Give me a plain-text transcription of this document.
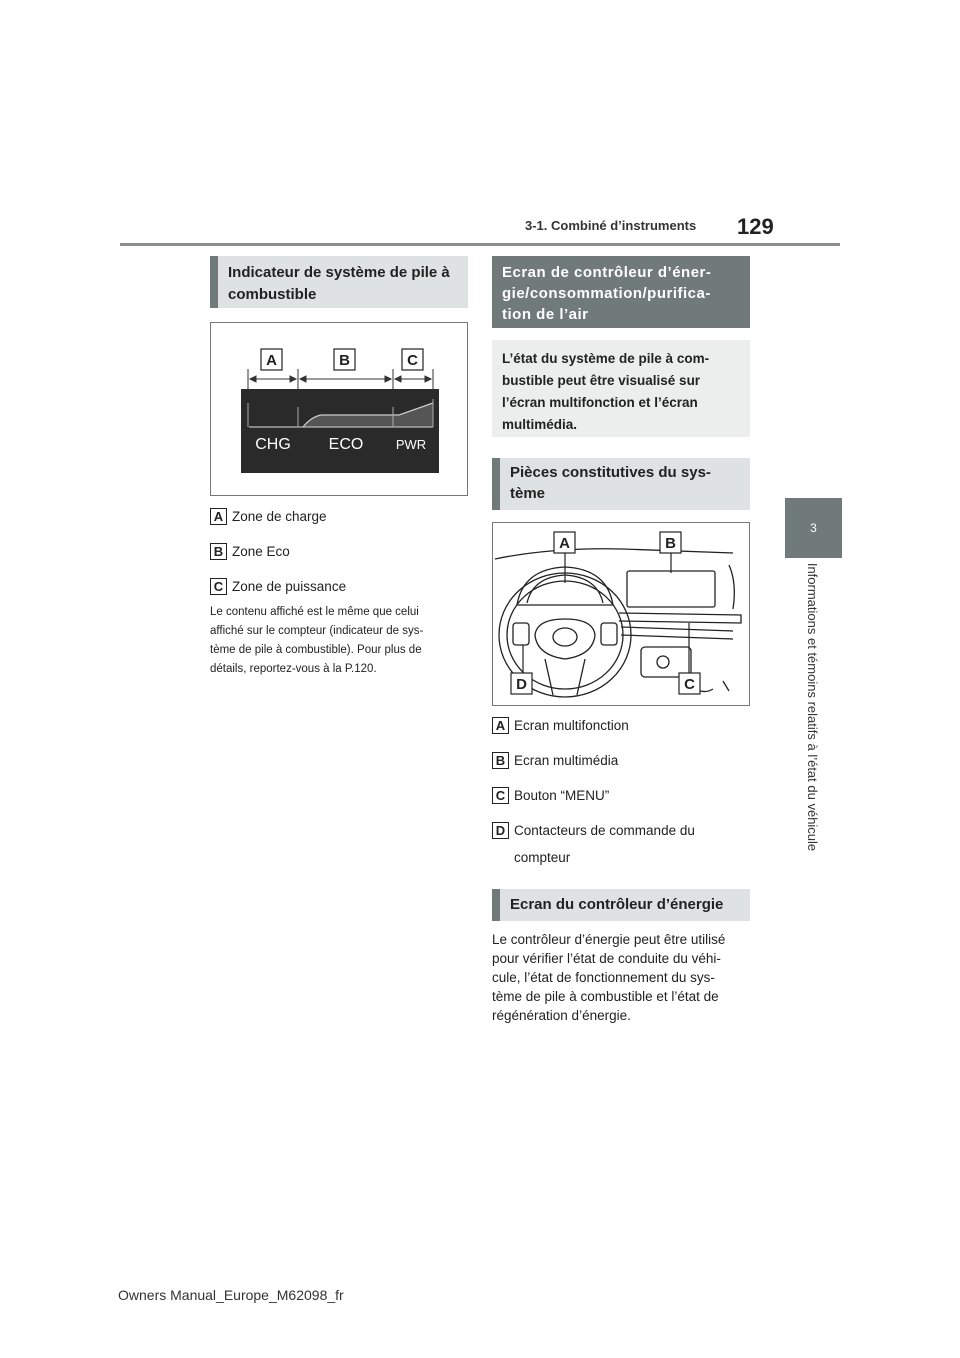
3-1. Combiné d’instruments 129
3
Informations et témoins relatifs à l’état du véhicule
Indicateur de système de pile à combustible
A	B	C
CHG ECO PWR
A Zone de charge
B Zone Eco
C Zone de puissance
Le contenu affiché est le même que celui
affiché sur le compteur (indicateur de sys-
tème de pile à combustible). Pour plus de
détails, reportez-vous à la P.120.
Ecran de contrôleur d’éner-
gie/consommation/purifica-
tion de l’air
L’état du système de pile à com-
bustible peut être visualisé sur
l’écran multifonction et l’écran
multimédia.
Pièces constitutives du sys-
tème
A	B
D	C
A Ecran multifonction
B Ecran multimédia
C Bouton “MENU”
D Contacteurs de commande du
compteur
Ecran du contrôleur d’énergie
Le contrôleur d’énergie peut être utilisé
pour vérifier l’état de conduite du véhi-
cule, l’état de fonctionnement du sys-
tème de pile à combustible et l’état de
régénération d’énergie.
Owners Manual_Europe_M62098_fr
